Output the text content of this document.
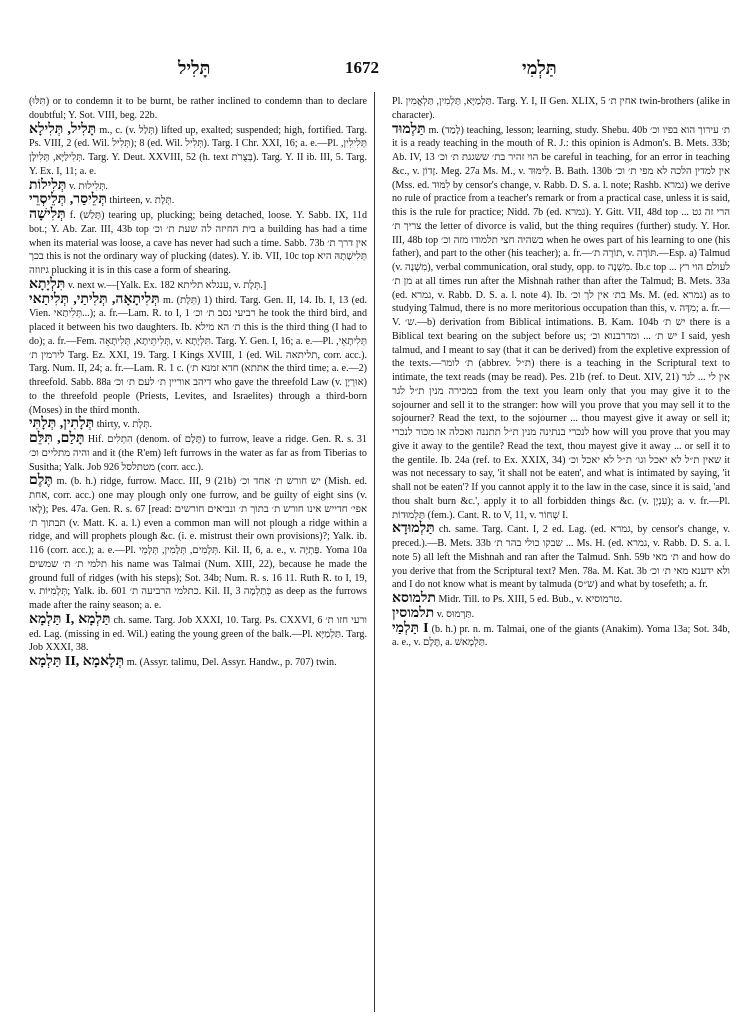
תָּלִיל	1672	תַּלְמִי

(תִּלּוּ) or to condemn it to be burnt, be rather inclined to condemn than to declare doubtful; Y. Sot. VIII, beg. 22b.

תָּלִיל, תְּלִילָא m., c. (v. תְּלַל) lifted up, exalted; suspended; high, fortified. Targ. Ps. VIII, 2 (ed. Wil. תְּלִיל); 8 (ed. Wil. תְּלִיל). Targ. I Chr. XXI, 16; a. e.—Pl. תְּלִילִין, תְּלִילַיָּא, תְּלִילָן. Targ. Y. Deut. XXVIII, 52 (h. text בְּצֻרֹת). Targ. Y. II ib. III, 5. Targ. Y. Ex. I, 11; a. e.

תְּלִילוֹת v. תְּלִילוּת.

תְּלֵיסַר, תְּלֵיסְרֵי thirteen, v. תְּלָת.

תְּלִישָׁה f. (תָּלַשׁ) tearing up, plucking; being detached, loose. Y. Sabb. IX, 11d bot.; Y. Ab. Zar. III, 43b top בית החיזה לה שעת ת׳ וכ׳ a building has had a time when its material was loose, a cave has never had such a time. Sabb. 73b אין דרך ת׳ בכך this is not the ordinary way of plucking (dates). Y. ib. VII, 10c top תְּלִישָׁתָהּ היא גיזוזה plucking it is in this case a form of shearing.

תִּלְיָתָא v. next w.—[Yalk. Ex. 182 ענגלא תליתא, v. תְּלָת.]

תְּלִיתָאָה, תְּלִיתַי, תְּלִיתַאי m. (תְּלָת) 1) third. Targ. Gen. II, 14. Ib. I, 13 (ed. Vien. תְּלִיתַאי...); a. fr.—Lam. R. to I, 1 רביעי נסב ת׳ וכ׳ he took the third bird, and placed it between his two daughters. Ib. ת׳ הא מילא this is the third thing (I had to do); a. fr.—Fem. תְּלִיתֵיתָא, תְּלִיתָאָה, v. תִּלְיָתָא. Targ. Y. Gen. I, 16; a. e.—Pl. תְּלִיתָאֵי, לירמין ת׳ Targ. Ez. XXI, 19. Targ. I Kings XVIII, 1 (ed. Wil. תליתאה, corr. acc.). Targ. Num. II, 24; a. fr.—Lam. R. 1 c. (חדא זמנא ת׳ (אתתא the third time; a. e.—2) threefold. Sabb. 88a דיהב אוריין ת׳ לעם ת׳ וכ׳ who gave the threefold Law (v. אוּרְיָן) to the threefold people (Priests, Levites, and Israelites) through a third-born (Moses) in the third month.

תְּלָתִין, תְּלָתִּי thirty, v. תְּלָת.

תָּלַם, תִּלֵּם Hif. הִתְלִים (denom. of תֶּלֶם) to furrow, leave a ridge. Gen. R. s. 31 והיה מתליים וכ׳ and it (the R'em) left furrows in the water as far as from Tiberias to Susitha; Yalk. Job 926 מטתלסל (corr. acc.).

תֶּלֶם m. (b. h.) ridge, furrow. Macc. III, 9 (21b) יש חורש ת׳ אחד וכ׳ (Mish. ed. אחת, corr. acc.) one may plough only one furrow, and be guilty of eight sins (v. לָאו); Pes. 47a. Gen. R. s. 67 [read: אפי׳ חדייש אינו חורש ת׳ בתוך ת׳ ונביאים חורשים תבתוך ת׳ (v. Matt. K. a. l.) even a common man will not plough a ridge within a ridge, and will prophets plough &c. (i. e. mistrust their own provisions)?; Yalk. ib. 116 (corr. acc.); a. e.—Pl. תְּלָמִים, תְּלָמִין, תְּלָמֵי. Kil. II, 6, a. e., v. פַּתְיָה. Yoma 10a תלמי ת׳ ת׳ שמשים his name was Talmai (Num. XIII, 22), because he made the ground full of ridges (with his steps); Sot. 34b; Num. R. s. 16 11. Ruth R. to I, 19, v. תְּלָמִיּוֹת; Yalk. ib. 601 כתלמי הרביעה ת׳. Kil. II, 3 כְּתַלְמָה as deep as the furrows made after the rainy season; a. e.

תַּלְמָא I, תַּלְמָא ch. same. Targ. Job XXXI, 10. Targ. Ps. CXXVI, 6 ורעי חזו ת׳ ed. Lag. (missing in ed. Wil.) eating the young green of the balk.—Pl. תַּלְמַיָּא. Targ. Job XXXI, 38.

תַּלְמָא II, תְּלָאמָא m. (Assyr. talimu, Del. Assyr. Handw., p. 707) twin.

Pl. תַּלְמַיָּא, תַּלְמִין, תַּלְאֲמִין. Targ. Y. I, II Gen. XLIX, 5 אחין ת׳ twin-brothers (alike in character).

תַּלְמוּד m. (לָמַד) teaching, lesson; learning, study. Shebu. 40b ת׳ עירוך הוא בפיו וכ׳ it is a ready teaching in the mouth of R. J.: this opinion is Admon's. B. Mets. 33b; Ab. IV, 13 הוי זהיר בת׳ ששגגת ת׳ וכ׳ be careful in teaching, for an error in teaching &c., v. זָדוֹן. Meg. 27a Ms. M., v. לִימּוּד. B. Bath. 130b אין למדין הלכה לא מפי ת׳ וכ׳ (Mss. ed. לִמּוּד by censor's change, v. Rabb. D. S. a. l. note; Rashb. גמרא) we derive no rule of practice from a teacher's remark or from a practical case, unless it is said, this is the rule for practice; Nidd. 7b (ed. גמרא). Y. Gitt. VII, 48d top הרי זה גט ... צריך ת׳ the letter of divorce is valid, but the thing requires (further) study. Y. Hor. III, 48b top בשהיה חצי תלמודו מזה וכ׳ when he owes part of his learning to one (his father), and part to the other (his teacher); a. fr.—תוֹרָה ת׳, v. תּוֹרָה.—Esp. a) Talmud (v. מִשְׁנָה), verbal communication, oral study, opp. to מִשְׁנָה. Ib.c top לעולם הוי רץ ... מן ת׳ at all times run after the Mishnah rather than after the Talmud; B. Mets. 33a (ed. גמרא, v. Rabb. D. S. a. l. note 4). Ib. בת׳ אין לך וכ׳ Ms. M. (ed. גמרא) as to studying Talmud, there is no more meritorious occupation than this, v. מִדָּה; a. fr.—V. ש׳.—b) derivation from Biblical intimations. B. Kam. 104b יש ת׳ there is a Biblical text bearing on the subject before us; יש ת׳ ... ומדרבנוא וכ׳ I said, yesh talmud, and I meant to say (that it can be derived) from the expletive expression of the texts.—ת׳ לומר (abbrev. ת״ל) there is a teaching in the Scriptural text to intimate, the text reads (may be read). Pes. 21b (ref. to Deut. XIV, 21) אין לי ... לגר במכירה מנין ת״ל לגר from the text you learn only that you may give it to the sojourner and sell it to the stranger: how will you prove that you may sell it to the sojourner? Read the text, to the sojourner ... thou mayest give it away or sell it; לנכרי בנתינה מנין ת״ל תתננה ואכלה או מכור לנכרי how will you prove that you may give it away to the gentile? Read the text, thou mayest give it away ... or sell it to the gentile. Ib. 24a (ref. to Ex. XXIX, 34) שאין ת״ל לא יאכל וגו׳ ת״ל לא יאכל וכ׳ it was not necessary to say, 'it shall not be eaten', and what is intimated by saying, 'it shall not be eaten'? If you cannot apply it to the law in the case, since it is said, 'and thou shalt burn &c.', apply it to all forbidden things &c. (v. עִנְיָן); a. v. fr.—Pl. תַּלְמוּדוֹת (fem.). Cant. R. to V, 11, v. שְׁחוֹר I.

תַּלְמוּדָא ch. same. Targ. Cant. I, 2 ed. Lag. (ed. גמרא, by censor's change, v. preced.).—B. Mets. 33b שבקו כולי בהר ת׳ ... Ms. H. (ed. גמרא, v. Rabb. D. S. a. l. note 5) all left the Mishnah and ran after the Talmud. Snh. 59b ת׳ מאי and how do you derive that from the Scriptural text? Men. 78a. M. Kat. 3b ולא ידענא מאי ת׳ וכ׳ and I do not know what is meant by talmuda (ש״ס) and what by tosefeth; a. fr.

תלמוסא Midr. Till. to Ps. XIII, 5 ed. Bub., v. טרמוסיא.

תלמוסין v. תַּרְמוּס.

תַּלְמַי I (b. h.) pr. n. m. Talmai, one of the giants (Anakim). Yoma 13a; Sot. 34b, a. e., v. תֶּלֶם, a. תַּלְמָאשׁ.
